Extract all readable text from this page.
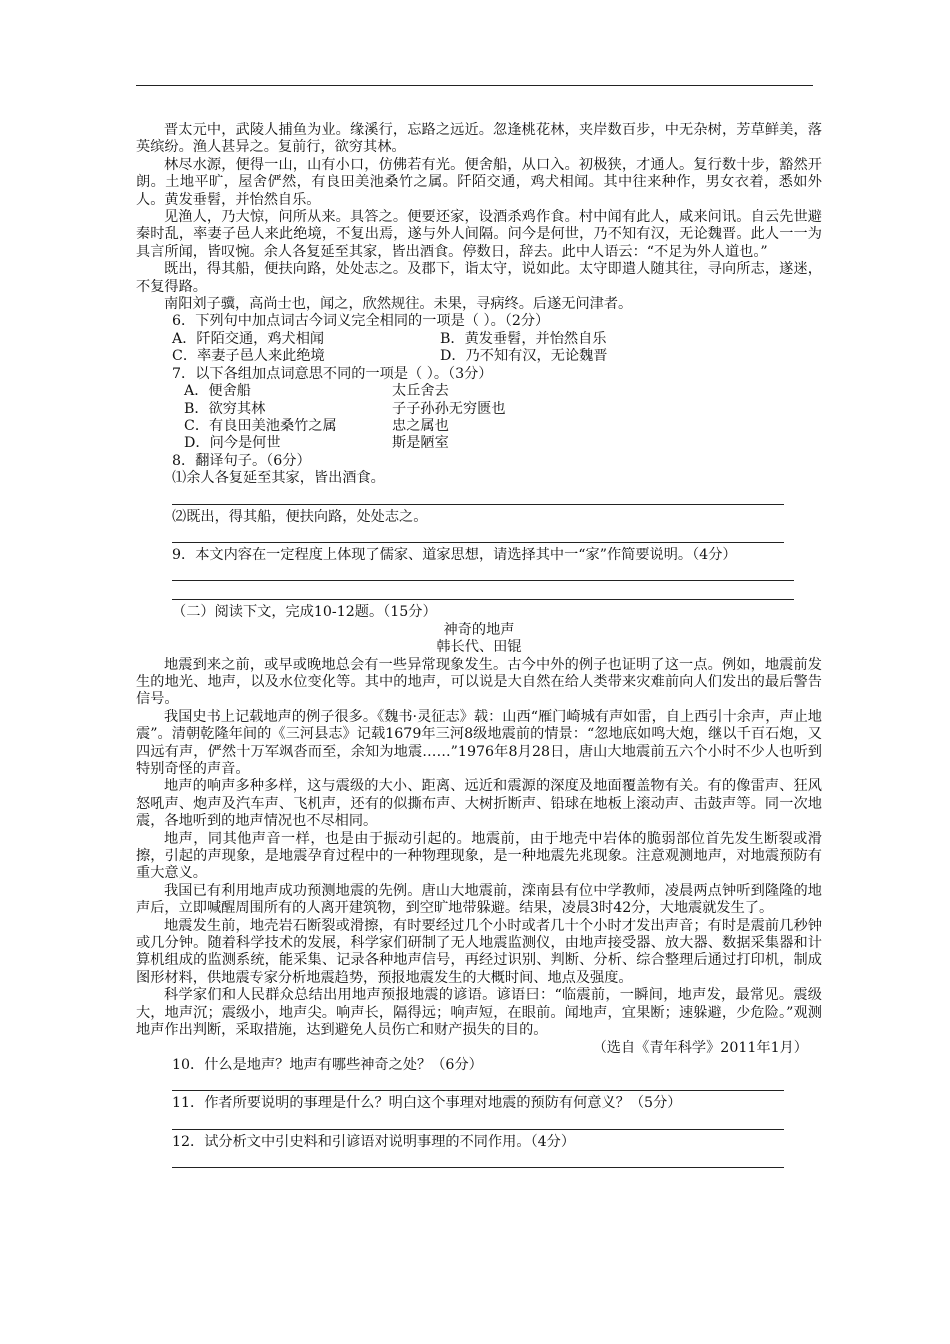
晋太元中，武陵人捕鱼为业。缘溪行，忘路之远近。忽逢桃花林，夹岸数百步，中无杂树，芳草鲜美，落英缤纷。渔人甚异之。复前行，欲穷其林。

林尽水源，便得一山，山有小口，仿佛若有光。便舍船，从口入。初极狭，才通人。复行数十步，豁然开朗。土地平旷，屋舍俨然，有良田美池桑竹之属。阡陌交通，鸡犬相闻。其中往来种作，男女衣着，悉如外人。黄发垂髫，并怡然自乐。

见渔人，乃大惊，问所从来。具答之。便要还家，设酒杀鸡作食。村中闻有此人，咸来问讯。自云先世避秦时乱，率妻子邑人来此绝境，不复出焉，遂与外人间隔。问今是何世，乃不知有汉，无论魏晋。此人一一为具言所闻，皆叹惋。余人各复延至其家，皆出酒食。停数日，辞去。此中人语云：“不足为外人道也。”

既出，得其船，便扶向路，处处志之。及郡下，诣太守，说如此。太守即遣人随其往，寻向所志，遂迷，不复得路。

南阳刘子骥，高尚士也，闻之，欣然规往。未果，寻病终。后遂无问津者。

6．下列句中加点词古今词义完全相同的一项是（ ）。（2分）

A．阡陌交通，鸡犬相闻	B．黄发垂髫，并怡然自乐
C．率妻子邑人来此绝境	D．乃不知有汉，无论魏晋

7．以下各组加点词意思不同的一项是（ ）。（3分）

A．便舍船	太丘舍去
B．欲穷其林	子子孙孙无穷匮也
C．有良田美池桑竹之属	忠之属也
D．问今是何世	斯是陋室

8．翻译句子。（6分）

⑴余人各复延至其家，皆出酒食。

⑵既出，得其船，便扶向路，处处志之。

9．本文内容在一定程度上体现了儒家、道家思想，请选择其中一“家”作简要说明。（4分）

（二）阅读下文，完成10-12题。（15分）

神奇的地声

韩长代、田锟

地震到来之前，或早或晚地总会有一些异常现象发生。古今中外的例子也证明了这一点。例如，地震前发生的地光、地声，以及水位变化等。其中的地声，可以说是大自然在给人类带来灾难前向人们发出的最后警告信号。

我国史书上记载地声的例子很多。《魏书·灵征志》载：山西“雁门崎城有声如雷，自上西引十余声，声止地震”。清朝乾隆年间的《三河县志》记载1679年三河8级地震前的情景：“忽地底如鸣大炮，继以千百石炮，又四远有声，俨然十万军飒沓而至，余知为地震……”1976年8月28日，唐山大地震前五六个小时不少人也听到特别奇怪的声音。

地声的响声多种多样，这与震级的大小、距离、远近和震源的深度及地面覆盖物有关。有的像雷声、狂风怒吼声、炮声及汽车声、飞机声，还有的似撕布声、大树折断声、铅球在地板上滚动声、击鼓声等。同一次地震，各地听到的地声情况也不尽相同。

地声，同其他声音一样，也是由于振动引起的。地震前，由于地壳中岩体的脆弱部位首先发生断裂或滑擦，引起的声现象，是地震孕育过程中的一种物理现象，是一种地震先兆现象。注意观测地声，对地震预防有重大意义。

我国已有利用地声成功预测地震的先例。唐山大地震前，滦南县有位中学教师，凌晨两点钟听到隆隆的地声后，立即喊醒周围所有的人离开建筑物，到空旷地带躲避。结果，凌晨3时42分，大地震就发生了。

地震发生前，地壳岩石断裂或滑擦，有时要经过几个小时或者几十个小时才发出声音；有时是震前几秒钟或几分钟。随着科学技术的发展，科学家们研制了无人地震监测仪，由地声接受器、放大器、数据采集器和计算机组成的监测系统，能采集、记录各种地声信号，再经过识别、判断、分析、综合整理后通过打印机，制成图形材料，供地震专家分析地震趋势，预报地震发生的大概时间、地点及强度。

科学家们和人民群众总结出用地声预报地震的谚语。谚语曰：“临震前，一瞬间，地声发，最常见。震级大，地声沉；震级小，地声尖。响声长，隔得远；响声短，在眼前。闻地声，宜果断；速躲避，少危险。”观测地声作出判断，采取措施，达到避免人员伤亡和财产损失的目的。

（选自《青年科学》2011年1月）

10．什么是地声？地声有哪些神奇之处？（6分）

11．作者所要说明的事理是什么？明白这个事理对地震的预防有何意义？（5分）

12．试分析文中引史料和引谚语对说明事理的不同作用。（4分）
